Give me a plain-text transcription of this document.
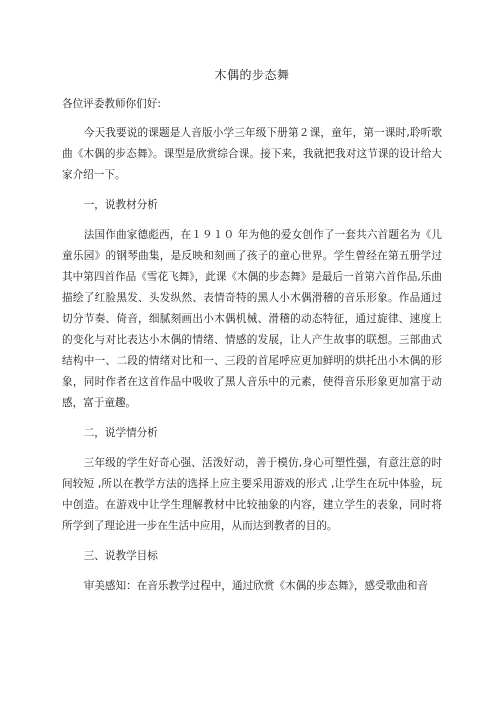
木偶的步态舞

各位评委教师你们好:

今天我要说的课题是人音版小学三年级下册第２课，童年，第一课时,聆听歌曲《木偶的步态舞》。课型是欣赏综合课。接下来，我就把我对这节课的设计给大家介绍一下。

一，说教材分析

法国作曲家德彪西，在１９１０ 年为他的爱女创作了一套共六首题名为《儿童乐园》的钢琴曲集，是反映和刻画了孩子的童心世界。学生曾经在第五册学过其中第四首作品《雪花飞舞》，此课《木偶的步态舞》是最后一首第六首作品,乐曲描绘了红脸黑发、头发纵然、表情奇特的黑人小木偶滑稽的音乐形象。作品通过切分节奏、倚音，细腻刻画出小木偶机械、滑稽的动态特征，通过旋律、速度上的变化与对比表达小木偶的情绪、情感的发展，让人产生故事的联想。三部曲式结构中一、二段的情绪对比和一、三段的首尾呼应更加鲜明的烘托出小木偶的形象，同时作者在这首作品中吸收了黑人音乐中的元素，使得音乐形象更加富于动感，富于童趣。

二，说学情分析

三年级的学生好奇心强、活泼好动，善于模仿,身心可塑性强，有意注意的时间较短 ,所以在教学方法的选择上应主要采用游戏的形式 ,让学生在玩中体验，玩中创造。在游戏中让学生理解教材中比较抽象的内容，建立学生的表象，同时将所学到了理论进一步在生活中应用，从而达到教者的目的。

三、说教学目标

审美感知：在音乐教学过程中，通过欣赏《木偶的步态舞》，感受歌曲和音
